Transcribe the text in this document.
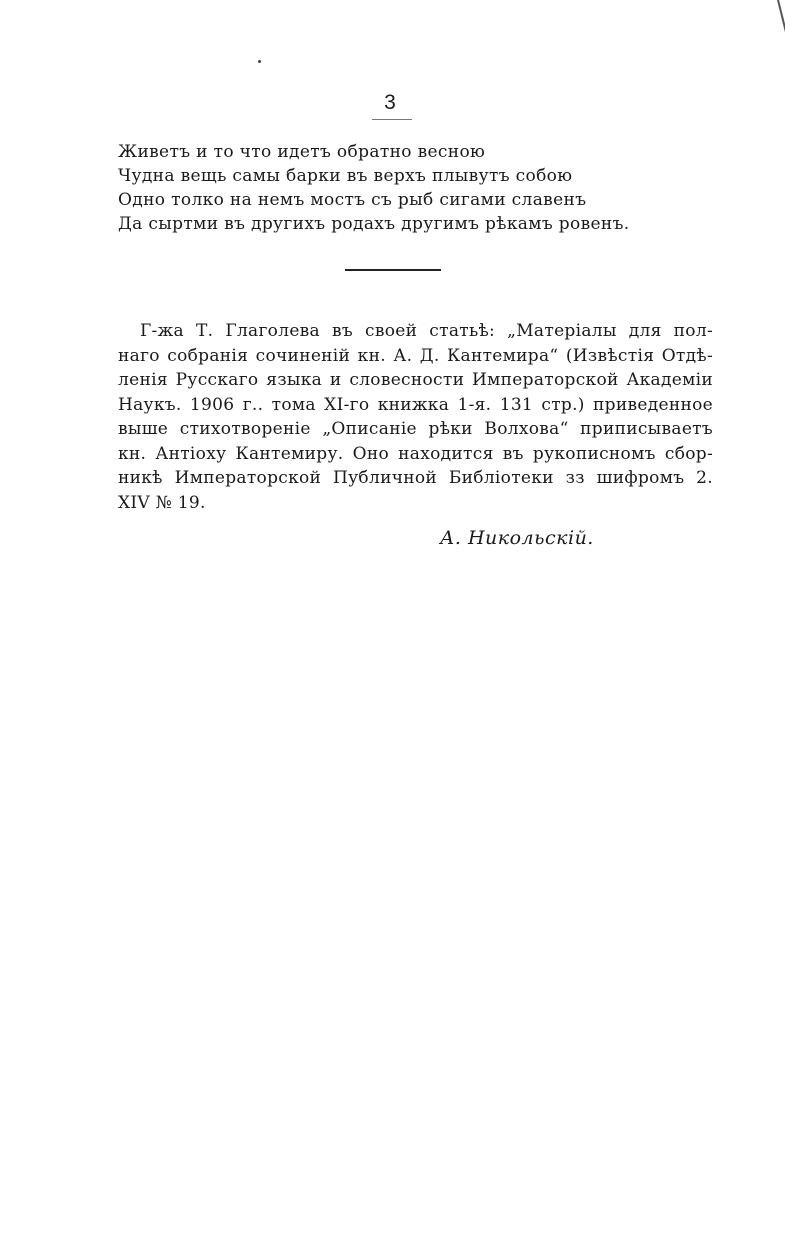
3
Живетъ и то что идетъ обратно весною
Чудна вещь самы барки въ верхъ плывутъ собою
Одно толко на немъ мостъ съ рыб сигами славенъ
Да сыртми въ другихъ родахъ другимъ рѣкамъ ровенъ.
Г-жа Т. Глаголева въ своей статьѣ: „Матеріалы для пол-
наго собранія сочиненій кн. А. Д. Кантемира“ (Извѣстія Отдѣ-
ленія Русскаго языка и словесности Императорской Академіи
Наукъ. 1906 г.. тома XI-го книжка 1-я. 131 стр.) приведенное
выше стихотвореніе „Описаніе рѣки Волхова“ приписываетъ
кн. Антіоху Кантемиру. Оно находится въ рукописномъ сбор-
никѣ Императорской Публичной Библіотеки зз шифромъ 2.
XIV № 19.
А. Никольскій.
